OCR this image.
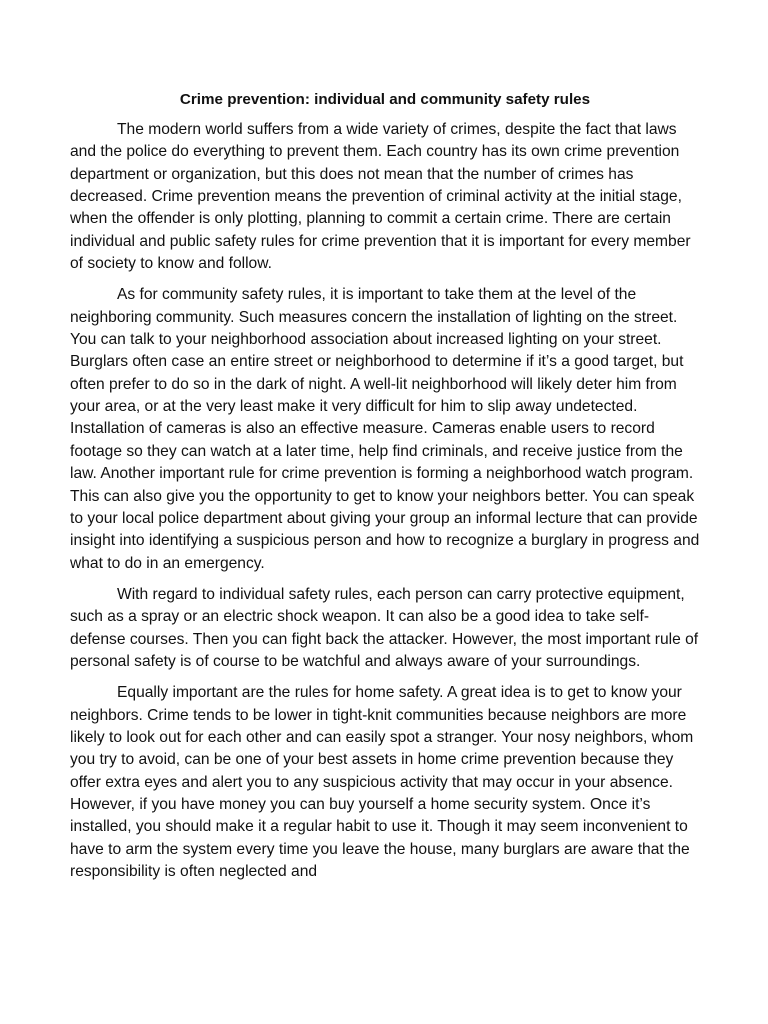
Crime prevention: individual and community safety rules

The modern world suffers from a wide variety of crimes, despite the fact that laws and the police do everything to prevent them. Each country has its own crime prevention department or organization, but this does not mean that the number of crimes has decreased. Crime prevention means the prevention of criminal activity at the initial stage, when the offender is only plotting, planning to commit a certain crime. There are certain individual and public safety rules for crime prevention that it is important for every member of society to know and follow.

As for community safety rules, it is important to take them at the level of the neighboring community. Such measures concern the installation of lighting on the street. You can talk to your neighborhood association about increased lighting on your street. Burglars often case an entire street or neighborhood to determine if it’s a good target, but often prefer to do so in the dark of night. A well-lit neighborhood will likely deter him from your area, or at the very least make it very difficult for him to slip away undetected. Installation of cameras is also an effective measure. Cameras enable users to record footage so they can watch at a later time, help find criminals, and receive justice from the law. Another important rule for crime prevention is forming a neighborhood watch program. This can also give you the opportunity to get to know your neighbors better. You can speak to your local police department about giving your group an informal lecture that can provide insight into identifying a suspicious person and how to recognize a burglary in progress and what to do in an emergency.

With regard to individual safety rules, each person can carry protective equipment, such as a spray or an electric shock weapon. It can also be a good idea to take self-defense courses. Then you can fight back the attacker. However, the most important rule of personal safety is of course to be watchful and always aware of your surroundings.

Equally important are the rules for home safety. A great idea is to get to know your neighbors. Crime tends to be lower in tight-knit communities because neighbors are more likely to look out for each other and can easily spot a stranger. Your nosy neighbors, whom you try to avoid, can be one of your best assets in home crime prevention because they offer extra eyes and alert you to any suspicious activity that may occur in your absence. However, if you have money you can buy yourself a home security system. Once it’s installed, you should make it a regular habit to use it. Though it may seem inconvenient to have to arm the system every time you leave the house, many burglars are aware that the responsibility is often neglected and
